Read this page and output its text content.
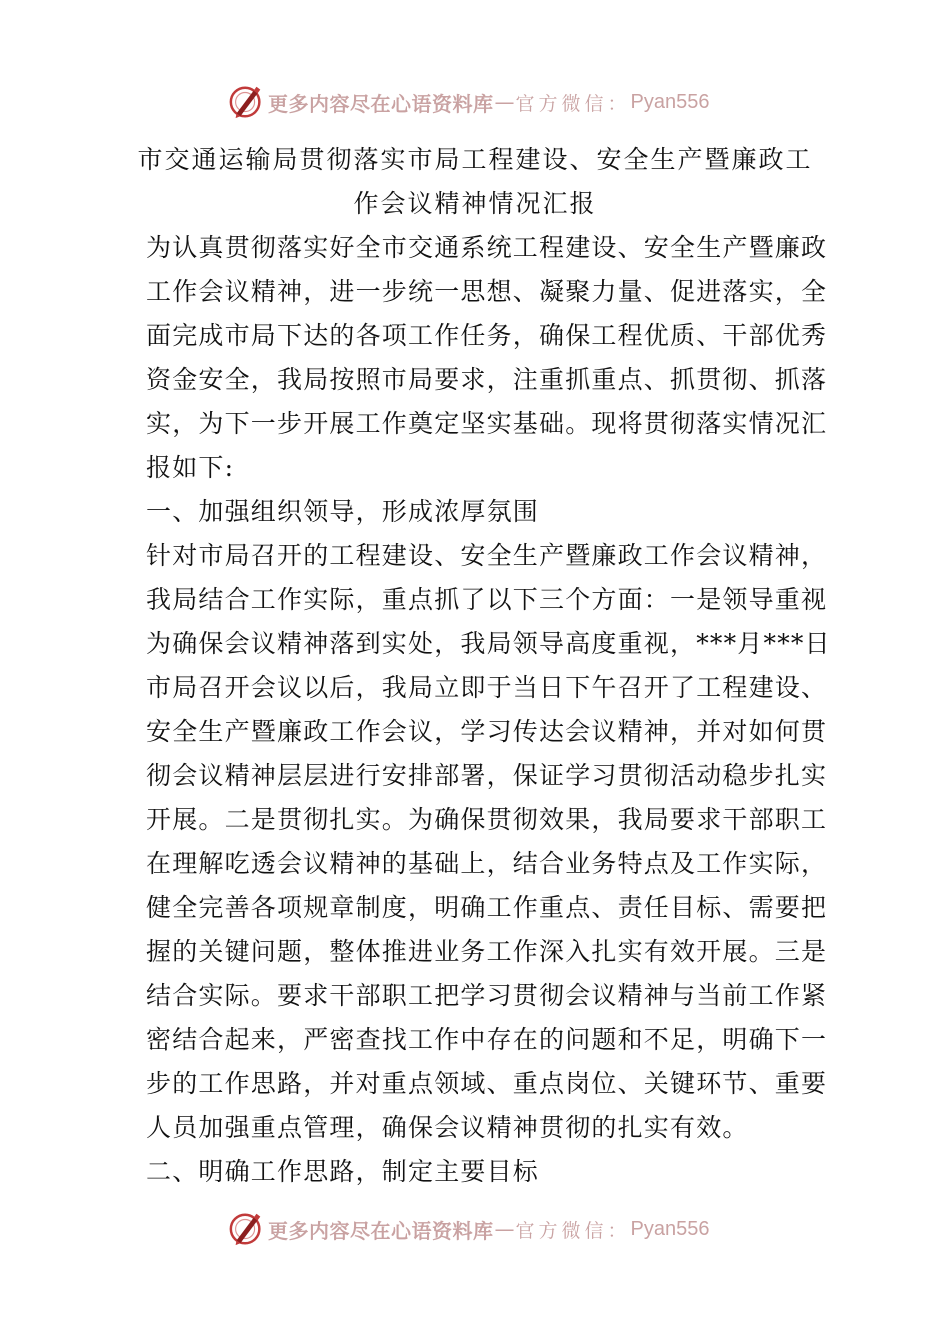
更多内容尽在心语资料库 — 官方微信： Pyan556
市交通运输局贯彻落实市局工程建设、安全生产暨廉政工
作会议精神情况汇报

为认真贯彻落实好全市交通系统工程建设、安全生产暨廉政

工作会议精神，进一步统一思想、凝聚力量、促进落实，全

面完成市局下达的各项工作任务，确保工程优质、干部优秀

资金安全，我局按照市局要求，注重抓重点、抓贯彻、抓落

实，为下一步开展工作奠定坚实基础。现将贯彻落实情况汇

报如下:

一、加强组织领导，形成浓厚氛围

针对市局召开的工程建设、安全生产暨廉政工作会议精神，

我局结合工作实际，重点抓了以下三个方面：一是领导重视

为确保会议精神落到实处，我局领导高度重视，***月***日

市局召开会议以后，我局立即于当日下午召开了工程建设、

安全生产暨廉政工作会议，学习传达会议精神，并对如何贯

彻会议精神层层进行安排部署，保证学习贯彻活动稳步扎实

开展。二是贯彻扎实。为确保贯彻效果，我局要求干部职工

在理解吃透会议精神的基础上，结合业务特点及工作实际，

健全完善各项规章制度，明确工作重点、责任目标、需要把

握的关键问题，整体推进业务工作深入扎实有效开展。三是

结合实际。要求干部职工把学习贯彻会议精神与当前工作紧

密结合起来，严密查找工作中存在的问题和不足，明确下一

步的工作思路，并对重点领域、重点岗位、关键环节、重要

人员加强重点管理，确保会议精神贯彻的扎实有效。

二、明确工作思路，制定主要目标

更多内容尽在心语资料库 — 官方微信： Pyan556
